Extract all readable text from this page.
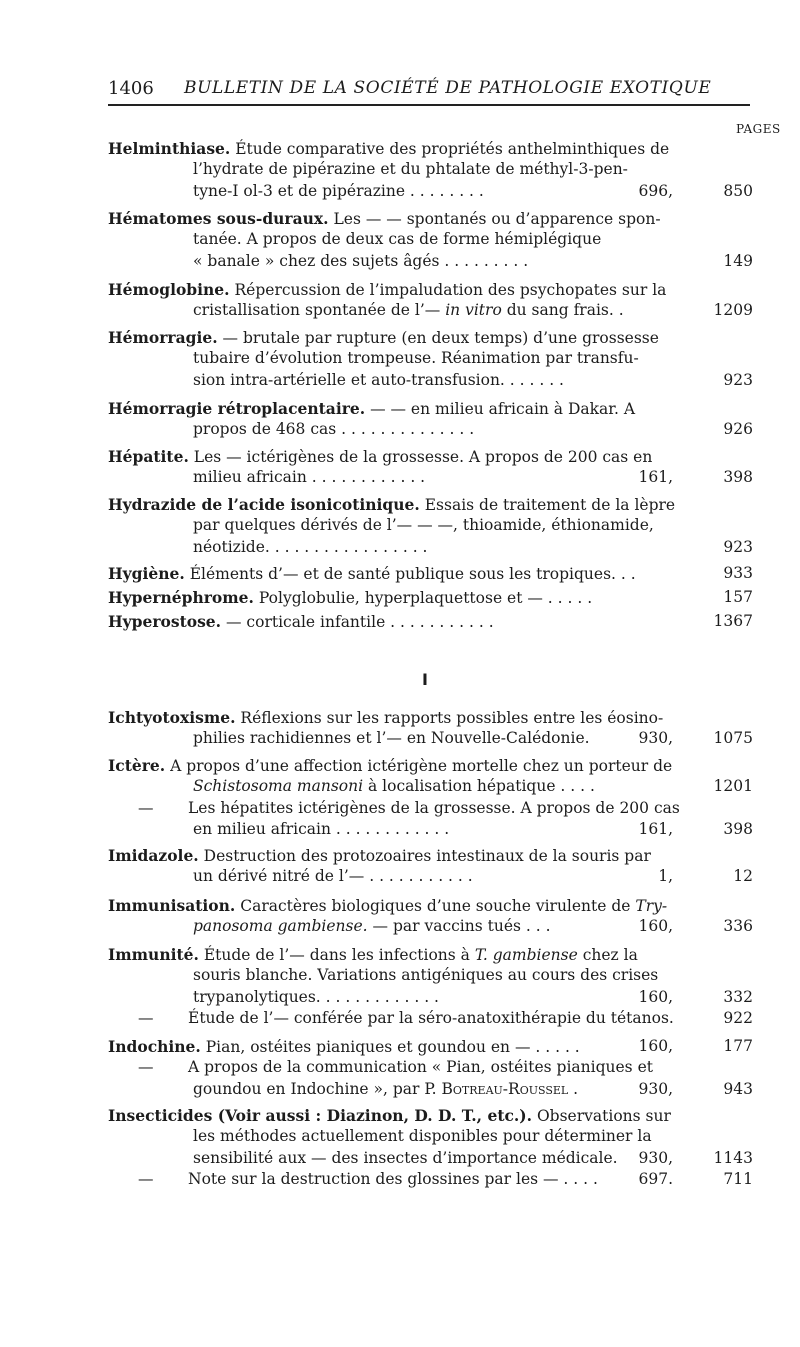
1406 BULLETIN DE LA SOCIÉTÉ DE PATHOLOGIE EXOTIQUE
PAGES
Helminthiase. Étude comparative des propriétés anthelminthiques de
l’hydrate de pipérazine et du phtalate de méthyl-3-pen-
tyne-I ol-3 et de pipérazine . . . . . . . .	696,	850
Hématomes sous-duraux. Les — — spontanés ou d’apparence spon-
tanée. A propos de deux cas de forme hémiplégique
« banale » chez des sujets âgés . . . . . . . . .	149
Hémoglobine. Répercussion de l’impaludation des psychopates sur la
cristallisation spontanée de l’— in vitro du sang frais. .	1209
Hémorragie. — brutale par rupture (en deux temps) d’une grossesse
tubaire d’évolution trompeuse. Réanimation par transfu-
sion intra-artérielle et auto-transfusion. . . . . . .	923
Hémorragie rétroplacentaire. — — en milieu africain à Dakar. A
propos de 468 cas . . . . . . . . . . . . . .	926
Hépatite. Les — ictérigènes de la grossesse. A propos de 200 cas en
milieu africain . . . . . . . . . . . .	161,	398
Hydrazide de l’acide isonicotinique. Essais de traitement de la lèpre
par quelques dérivés de l’— — —, thioamide, éthionamide,
néotizide. . . . . . . . . . . . . . . . .	923
Hygiène. Éléments d’— et de santé publique sous les tropiques. . .	933
Hypernéphrome. Polyglobulie, hyperplaquettose et — . . . . .	157
Hyperostose. — corticale infantile . . . . . . . . . . .	1367
I
Ichtyotoxisme. Réflexions sur les rapports possibles entre les éosino-
philies rachidiennes et l’— en Nouvelle-Calédonie.	930,	1075
Ictère. A propos d’une affection ictérigène mortelle chez un porteur de
Schistosoma mansoni à localisation hépatique . . . .	1201
— Les hépatites ictérigènes de la grossesse. A propos de 200 cas
en milieu africain . . . . . . . . . . . .	161,	398
Imidazole. Destruction des protozoaires intestinaux de la souris par
un dérivé nitré de l’— . . . . . . . . . . .	1,	12
Immunisation. Caractères biologiques d’une souche virulente de Try-
panosoma gambiense. — par vaccins tués . . .	160,	336
Immunité. Étude de l’— dans les infections à T. gambiense chez la
souris blanche. Variations antigéniques au cours des crises
trypanolytiques. . . . . . . . . . . . .	160,	332
— Étude de l’— conférée par la séro-anatoxithérapie du tétanos.	922
Indochine. Pian, ostéites pianiques et goundou en — . . . . .	160,	177
— A propos de la communication « Pian, ostéites pianiques et
goundou en Indochine », par P. Botreau-Roussel .	930,	943
Insecticides (Voir aussi : Diazinon, D. D. T., etc.). Observations sur
les méthodes actuellement disponibles pour déterminer la
sensibilité aux — des insectes d’importance médicale. 930,	1143
— Note sur la destruction des glossines par les — . . . .	697.	711
